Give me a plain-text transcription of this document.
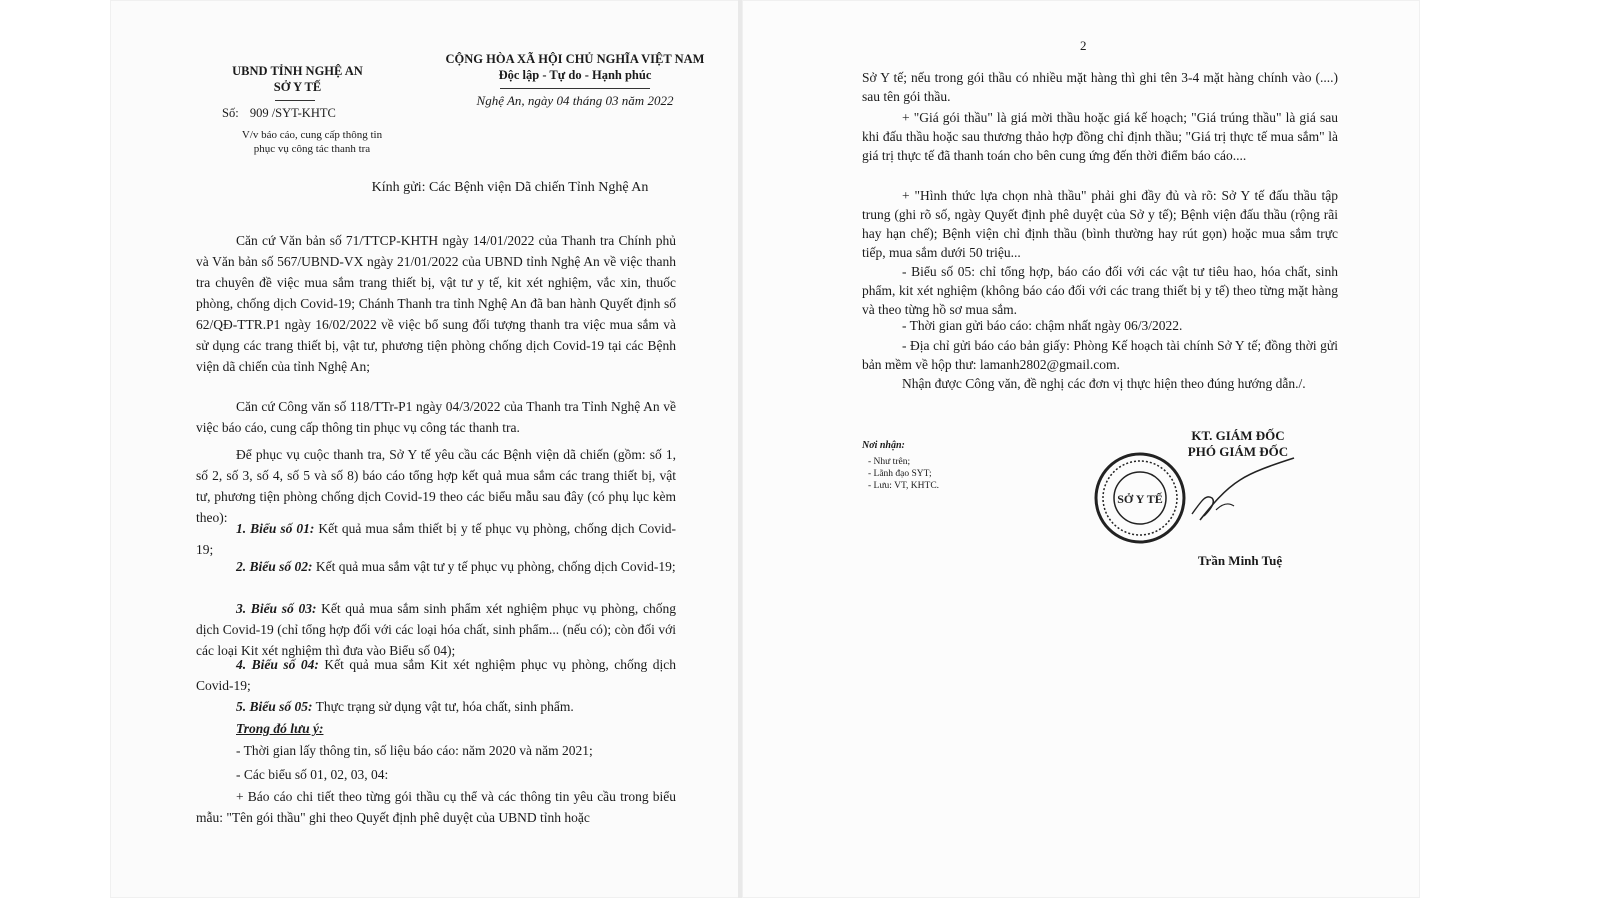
UBND TỈNH NGHỆ AN
SỞ Y TẾ
Số: 909 /SYT-KHTC
V/v báo cáo, cung cấp thông tin
phục vụ công tác thanh tra
CỘNG HÒA XÃ HỘI CHỦ NGHĨA VIỆT NAM
Độc lập - Tự do - Hạnh phúc
Nghệ An, ngày 04 tháng 03 năm 2022
Kính gửi: Các Bệnh viện Dã chiến Tỉnh Nghệ An
Căn cứ Văn bản số 71/TTCP-KHTH ngày 14/01/2022 của Thanh tra Chính phủ và Văn bản số 567/UBND-VX ngày 21/01/2022 của UBND tỉnh Nghệ An về việc thanh tra chuyên đề việc mua sắm trang thiết bị, vật tư y tế, kit xét nghiệm, vắc xin, thuốc phòng, chống dịch Covid-19; Chánh Thanh tra tỉnh Nghệ An đã ban hành Quyết định số 62/QĐ-TTR.P1 ngày 16/02/2022 về việc bổ sung đối tượng thanh tra việc mua sắm và sử dụng các trang thiết bị, vật tư, phương tiện phòng chống dịch Covid-19 tại các Bệnh viện dã chiến của tỉnh Nghệ An;
Căn cứ Công văn số 118/TTr-P1 ngày 04/3/2022 của Thanh tra Tỉnh Nghệ An về việc báo cáo, cung cấp thông tin phục vụ công tác thanh tra.
Để phục vụ cuộc thanh tra, Sở Y tế yêu cầu các Bệnh viện dã chiến (gồm: số 1, số 2, số 3, số 4, số 5 và số 8) báo cáo tổng hợp kết quả mua sắm các trang thiết bị, vật tư, phương tiện phòng chống dịch Covid-19 theo các biểu mẫu sau đây (có phụ lục kèm theo):
1. Biểu số 01: Kết quả mua sắm thiết bị y tế phục vụ phòng, chống dịch Covid-19;
2. Biểu số 02: Kết quả mua sắm vật tư y tế phục vụ phòng, chống dịch Covid-19;
3. Biểu số 03: Kết quả mua sắm sinh phẩm xét nghiệm phục vụ phòng, chống dịch Covid-19 (chỉ tổng hợp đối với các loại hóa chất, sinh phẩm... (nếu có); còn đối với các loại Kit xét nghiệm thì đưa vào Biểu số 04);
4. Biểu số 04: Kết quả mua sắm Kit xét nghiệm phục vụ phòng, chống dịch Covid-19;
5. Biểu số 05: Thực trạng sử dụng vật tư, hóa chất, sinh phẩm.
Trong đó lưu ý:
- Thời gian lấy thông tin, số liệu báo cáo: năm 2020 và năm 2021;
- Các biểu số 01, 02, 03, 04:
+ Báo cáo chi tiết theo từng gói thầu cụ thể và các thông tin yêu cầu trong biểu mẫu: "Tên gói thầu" ghi theo Quyết định phê duyệt của UBND tỉnh hoặc
2
Sở Y tế; nếu trong gói thầu có nhiều mặt hàng thì ghi tên 3-4 mặt hàng chính vào (....) sau tên gói thầu.
+ "Giá gói thầu" là giá mời thầu hoặc giá kế hoạch; "Giá trúng thầu" là giá sau khi đấu thầu hoặc sau thương thảo hợp đồng chỉ định thầu; "Giá trị thực tế mua sắm" là giá trị thực tế đã thanh toán cho bên cung ứng đến thời điểm báo cáo....
+ "Hình thức lựa chọn nhà thầu" phải ghi đầy đủ và rõ: Sở Y tế đấu thầu tập trung (ghi rõ số, ngày Quyết định phê duyệt của Sở y tế); Bệnh viện đấu thầu (rộng rãi hay hạn chế); Bệnh viện chỉ định thầu (bình thường hay rút gọn) hoặc mua sắm trực tiếp, mua sắm dưới 50 triệu...
- Biểu số 05: chỉ tổng hợp, báo cáo đối với các vật tư tiêu hao, hóa chất, sinh phẩm, kit xét nghiệm (không báo cáo đối với các trang thiết bị y tế) theo từng mặt hàng và theo từng hồ sơ mua sắm.
- Thời gian gửi báo cáo: chậm nhất ngày 06/3/2022.
- Địa chỉ gửi báo cáo bản giấy: Phòng Kế hoạch tài chính Sở Y tế; đồng thời gửi bản mềm về hộp thư: lamanh2802@gmail.com.
Nhận được Công văn, đề nghị các đơn vị thực hiện theo đúng hướng dẫn./.
Nơi nhận:
- Như trên;
- Lãnh đạo SYT;
- Lưu: VT, KHTC.
KT. GIÁM ĐỐC
PHÓ GIÁM ĐỐC
SỞ Y TẾ
Trần Minh Tuệ
